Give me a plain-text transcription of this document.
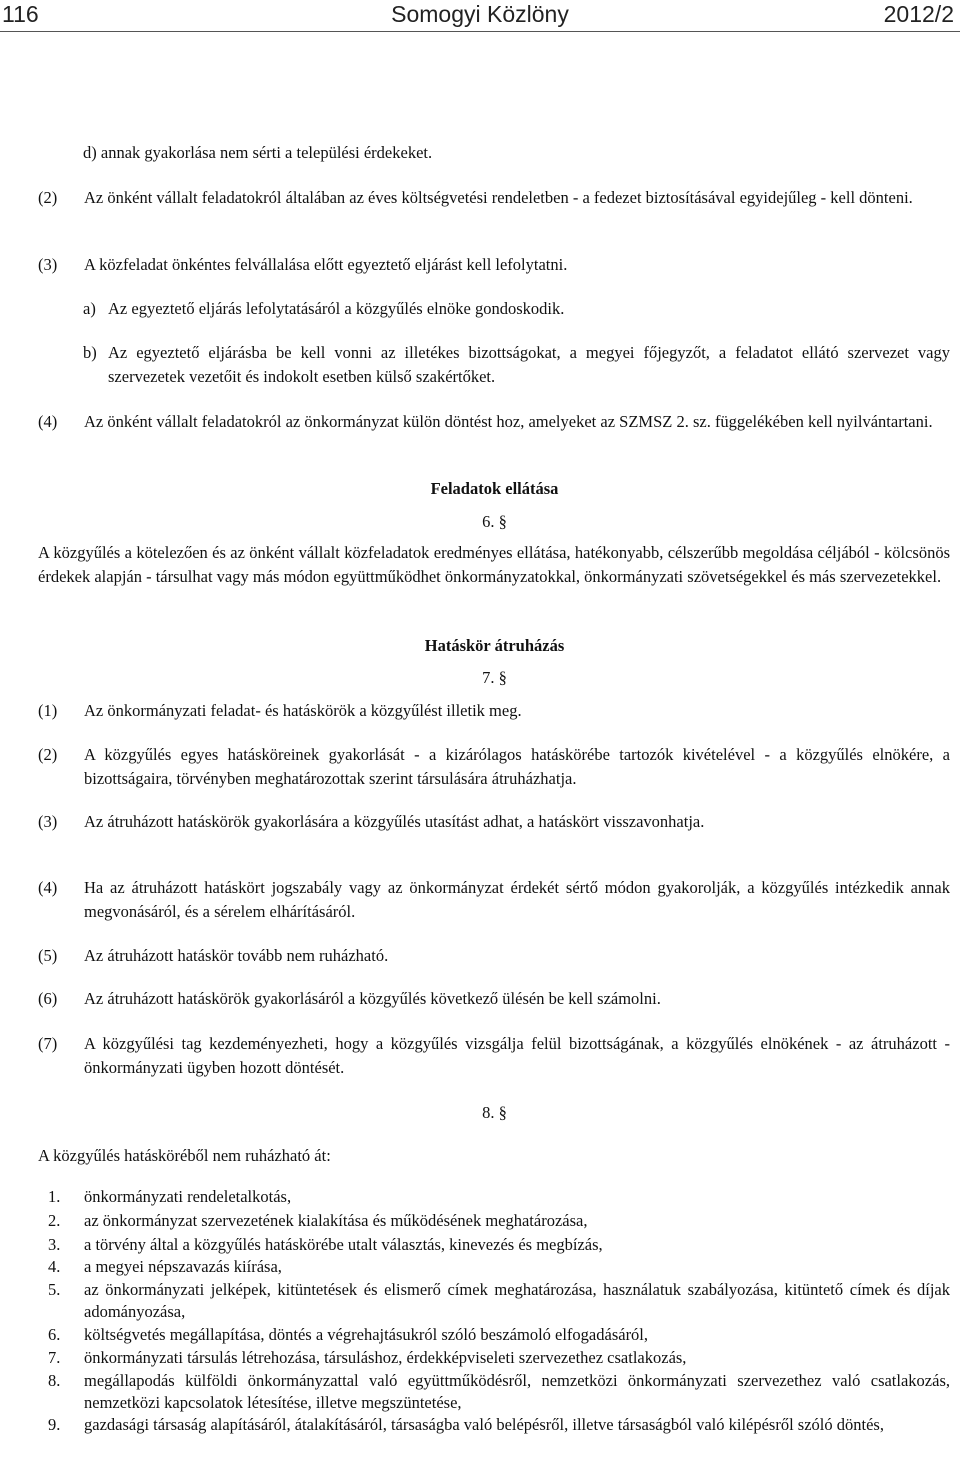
116	Somogyi Közlöny	2012/2
d) annak gyakorlása nem sérti a települési érdekeket.
(2) Az önként vállalt feladatokról általában az éves költségvetési rendeletben - a fedezet biztosításával egyidejűleg - kell dönteni.
(3) A közfeladat önkéntes felvállalása előtt egyeztető eljárást kell lefolytatni.
a) Az egyeztető eljárás lefolytatásáról a közgyűlés elnöke gondoskodik.
b) Az egyeztető eljárásba be kell vonni az illetékes bizottságokat, a megyei főjegyzőt, a feladatot ellátó szervezet vagy szervezetek vezetőit és indokolt esetben külső szakértőket.
(4) Az önként vállalt feladatokról az önkormányzat külön döntést hoz, amelyeket az SZMSZ 2. sz. függelékében kell nyilvántartani.
Feladatok ellátása
6. §
A közgyűlés a kötelezően és az önként vállalt közfeladatok eredményes ellátása, hatékonyabb, célszerűbb megoldása céljából - kölcsönös érdekek alapján - társulhat vagy más módon együttműködhet önkormányzatokkal, önkormányzati szövetségekkel és más szervezetekkel.
Hatáskör átruházás
7. §
(1) Az önkormányzati feladat- és hatáskörök a közgyűlést illetik meg.
(2) A közgyűlés egyes hatásköreinek gyakorlását - a kizárólagos hatáskörébe tartozók kivételével - a közgyűlés elnökére, a bizottságaira, törvényben meghatározottak szerint társulására átruházhatja.
(3) Az átruházott hatáskörök gyakorlására a közgyűlés utasítást adhat, a hatáskört visszavonhatja.
(4) Ha az átruházott hatáskört jogszabály vagy az önkormányzat érdekét sértő módon gyakorolják, a közgyűlés intézkedik annak megvonásáról, és a sérelem elhárításáról.
(5) Az átruházott hatáskör tovább nem ruházható.
(6) Az átruházott hatáskörök gyakorlásáról a közgyűlés következő ülésén be kell számolni.
(7) A közgyűlési tag kezdeményezheti, hogy a közgyűlés vizsgálja felül bizottságának, a közgyűlés elnökének - az átruházott - önkormányzati ügyben hozott döntését.
8. §
A közgyűlés hatásköréből nem ruházható át:
1. önkormányzati rendeletalkotás,
2. az önkormányzat szervezetének kialakítása és működésének meghatározása,
3. a törvény által a közgyűlés hatáskörébe utalt választás, kinevezés és megbízás,
4. a megyei népszavazás kiírása,
5. az önkormányzati jelképek, kitüntetések és elismerő címek meghatározása, használatuk szabályozása, kitüntető címek és díjak adományozása,
6. költségvetés megállapítása, döntés a végrehajtásukról szóló beszámoló elfogadásáról,
7. önkormányzati társulás létrehozása, társuláshoz, érdekképviseleti szervezethez csatlakozás,
8. megállapodás külföldi önkormányzattal való együttműködésről, nemzetközi önkormányzati szervezethez való csatlakozás, nemzetközi kapcsolatok létesítése, illetve megszüntetése,
9. gazdasági társaság alapításáról, átalakításáról, társaságba való belépésről, illetve társaságból való kilépésről szóló döntés,
